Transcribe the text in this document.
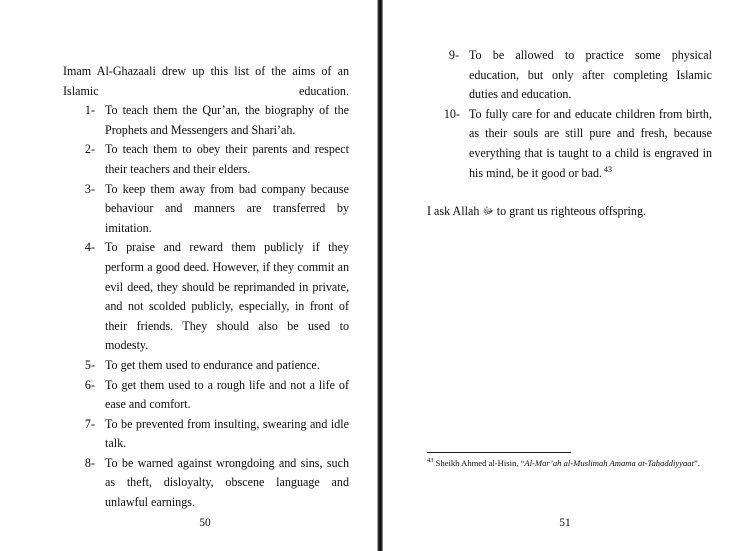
Imam Al-Ghazaali drew up this list of the aims of an Islamic education.

1- To teach them the Qur’an, the biography of the Prophets and Messengers and Shari’ah.
2- To teach them to obey their parents and respect their teachers and their elders.
3- To keep them away from bad company because behaviour and manners are transferred by imitation.
4- To praise and reward them publicly if they perform a good deed. However, if they commit an evil deed, they should be reprimanded in private, and not scolded publicly, especially, in front of their friends. They should also be used to modesty.
5- To get them used to endurance and patience.
6- To get them used to a rough life and not a life of ease and comfort.
7- To be prevented from insulting, swearing and idle talk.
8- To be warned against wrongdoing and sins, such as theft, disloyalty, obscene language and unlawful earnings.
50
9- To be allowed to practice some physical education, but only after completing Islamic duties and education.
10- To fully care for and educate children from birth, as their souls are still pure and fresh, because everything that is taught to a child is engraved in his mind, be it good or bad. $^{43}$

I ask Allah ﷻ to grant us righteous offspring.

$^{43}$ Sheikh Ahmed al-Hisin, “Al-Mar’ah al-Muslimah Amama at-Tahaddiyyaat”.

51
